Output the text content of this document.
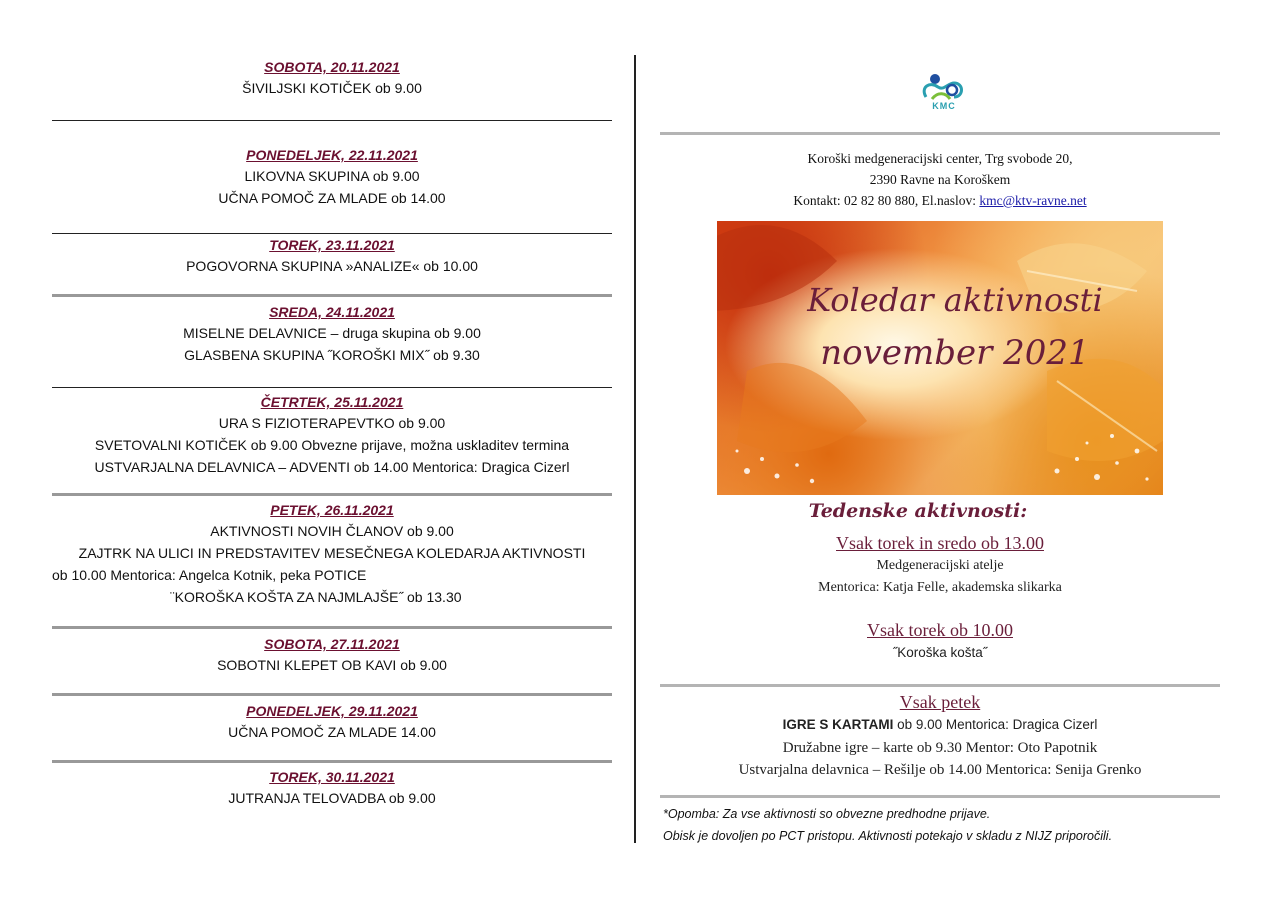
SOBOTA, 20.11.2021
ŠIVILJSKI KOTIČEK ob 9.00
PONEDELJEK, 22.11.2021
LIKOVNA SKUPINA ob 9.00
UČNA POMOČ ZA MLADE ob 14.00
TOREK, 23.11.2021
POGOVORNA SKUPINA »ANALIZE« ob 10.00
SREDA, 24.11.2021
MISELNE DELAVNICE – druga skupina ob 9.00
GLASBENA SKUPINA ˝KOROŠKI MIX˝ ob 9.30
ČETRTEK, 25.11.2021
URA S FIZIOTERAPEVTKO ob 9.00
SVETOVALNI KOTIČEK ob 9.00 Obvezne prijave, možna uskladitev termina
USTVARJALNA DELAVNICA – ADVENTI ob 14.00 Mentorica: Dragica Cizerl
PETEK, 26.11.2021
AKTIVNOSTI NOVIH ČLANOV ob 9.00
ZAJTRK NA ULICI IN PREDSTAVITEV MESEČNEGA KOLEDARJA AKTIVNOSTI
ob 10.00 Mentorica: Angelca Kotnik, peka POTICE
¨KOROŠKA KOŠTA ZA NAJMLAJŠE˝ ob 13.30
SOBOTA, 27.11.2021
SOBOTNI KLEPET OB KAVI ob 9.00
PONEDELJEK, 29.11.2021
UČNA POMOČ ZA MLADE 14.00
TOREK, 30.11.2021
JUTRANJA TELOVADBA ob 9.00
KMC
Koroški medgeneracijski center, Trg svobode 20,
2390 Ravne na Koroškem
Kontakt: 02 82 80 880, El.naslov: kmc@ktv-ravne.net
Koledar aktivnosti
november 2021
Tedenske aktivnosti:
Vsak torek in sredo ob 13.00
Medgeneracijski atelje
Mentorica: Katja Felle, akademska slikarka
Vsak torek ob 10.00
˝Koroška košta˝
Vsak petek
IGRE S KARTAMI ob 9.00 Mentorica: Dragica Cizerl
Družabne igre – karte ob 9.30 Mentor: Oto Papotnik
Ustvarjalna delavnica – Rešilje ob 14.00 Mentorica: Senija Grenko
*Opomba: Za vse aktivnosti so obvezne predhodne prijave.
Obisk je dovoljen po PCT pristopu. Aktivnosti potekajo v skladu z NIJZ priporočili.
